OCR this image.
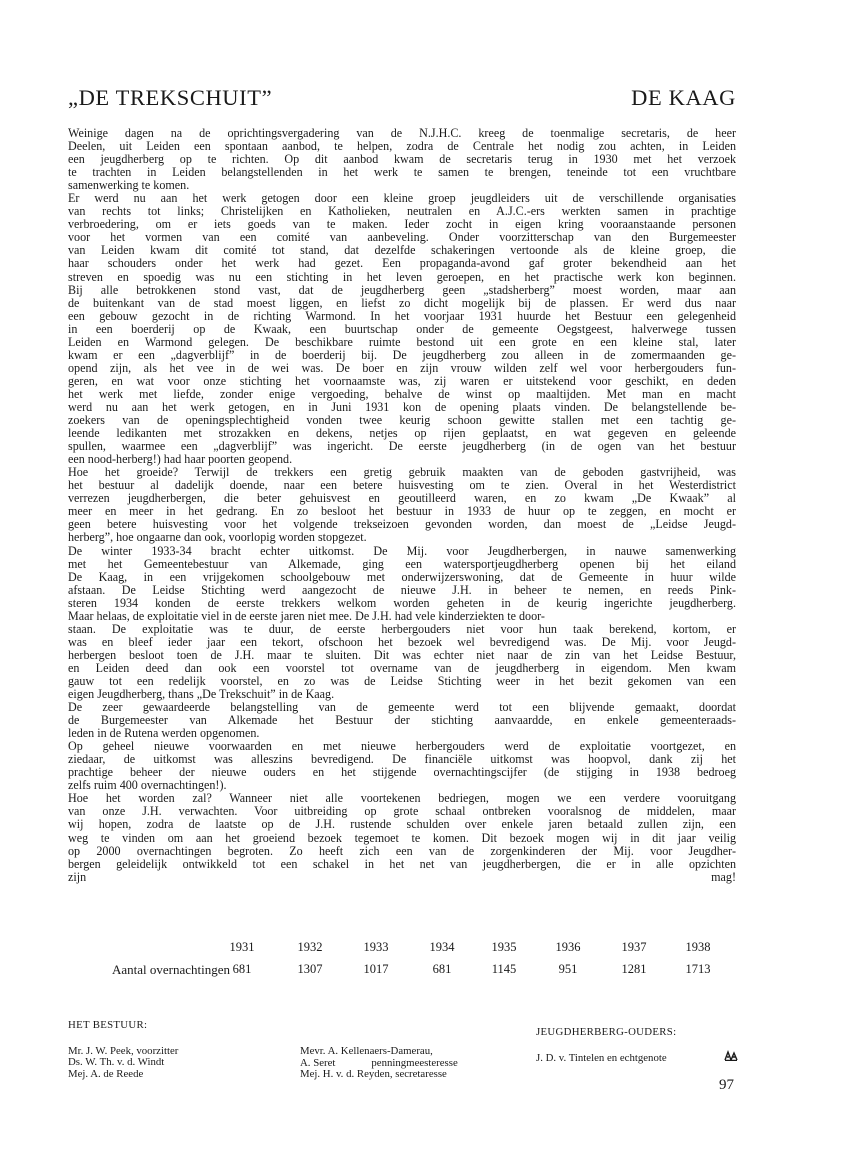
„DE TREKSCHUIT”	DE KAAG
Weinige dagen na de oprichtingsvergadering van de N.J.H.C. kreeg de toenmalige secretaris, de heer
Deelen, uit Leiden een spontaan aanbod, te helpen, zodra de Centrale het nodig zou achten, in Leiden
een jeugdherberg op te richten. Op dit aanbod kwam de secretaris terug in 1930 met het verzoek
te trachten in Leiden belangstellenden in het werk te samen te brengen, teneinde tot een vruchtbare
samenwerking te komen.
Er werd nu aan het werk getogen door een kleine groep jeugdleiders uit de verschillende organisaties
van rechts tot links; Christelijken en Katholieken, neutralen en A.J.C.-ers werkten samen in prachtige
verbroedering, om er iets goeds van te maken. Ieder zocht in eigen kring vooraanstaande personen
voor het vormen van een comité van aanbeveling. Onder voorzitterschap van den Burgemeester
van Leiden kwam dit comité tot stand, dat dezelfde schakeringen vertoonde als de kleine groep, die
haar schouders onder het werk had gezet. Een propaganda-avond gaf groter bekendheid aan het
streven en spoedig was nu een stichting in het leven geroepen, en het practische werk kon beginnen.
Bij alle betrokkenen stond vast, dat de jeugdherberg geen „stadsherberg” moest worden, maar aan
de buitenkant van de stad moest liggen, en liefst zo dicht mogelijk bij de plassen. Er werd dus naar
een gebouw gezocht in de richting Warmond. In het voorjaar 1931 huurde het Bestuur een gelegenheid
in een boerderij op de Kwaak, een buurtschap onder de gemeente Oegstgeest, halverwege tussen
Leiden en Warmond gelegen. De beschikbare ruimte bestond uit een grote en een kleine stal, later
kwam er een „dagverblijf” in de boerderij bij. De jeugdherberg zou alleen in de zomermaanden ge-
opend zijn, als het vee in de wei was. De boer en zijn vrouw wilden zelf wel voor herbergouders fun-
geren, en wat voor onze stichting het voornaamste was, zij waren er uitstekend voor geschikt, en deden
het werk met liefde, zonder enige vergoeding, behalve de winst op maaltijden. Met man en macht
werd nu aan het werk getogen, en in Juni 1931 kon de opening plaats vinden. De belangstellende be-
zoekers van de openingsplechtigheid vonden twee keurig schoon gewitte stallen met een tachtig ge-
leende ledikanten met strozakken en dekens, netjes op rijen geplaatst, en wat gegeven en geleende
spullen, waarmee een „dagverblijf” was ingericht. De eerste jeugdherberg (in de ogen van het bestuur
een nood-herberg!) had haar poorten geopend.
Hoe het groeide? Terwijl de trekkers een gretig gebruik maakten van de geboden gastvrijheid, was
het bestuur al dadelijk doende, naar een betere huisvesting om te zien. Overal in het Westerdistrict
verrezen jeugdherbergen, die beter gehuisvest en geoutilleerd waren, en zo kwam „De Kwaak” al
meer en meer in het gedrang. En zo besloot het bestuur in 1933 de huur op te zeggen, en mocht er
geen betere huisvesting voor het volgende trekseizoen gevonden worden, dan moest de „Leidse Jeugd-
herberg”, hoe ongaarne dan ook, voorlopig worden stopgezet.
De winter 1933-34 bracht echter uitkomst. De Mij. voor Jeugdherbergen, in nauwe samenwerking
met het Gemeentebestuur van Alkemade, ging een watersportjeugdherberg openen bij het eiland
De Kaag, in een vrijgekomen schoolgebouw met onderwijzerswoning, dat de Gemeente in huur wilde
afstaan. De Leidse Stichting werd aangezocht de nieuwe J.H. in beheer te nemen, en reeds Pink-
steren 1934 konden de eerste trekkers welkom worden geheten in de keurig ingerichte jeugdherberg.
Maar helaas, de exploitatie viel in de eerste jaren niet mee. De J.H. had vele kinderziekten te door-
staan. De exploitatie was te duur, de eerste herbergouders niet voor hun taak berekend, kortom, er
was en bleef ieder jaar een tekort, ofschoon het bezoek wel bevredigend was. De Mij. voor Jeugd-
herbergen besloot toen de J.H. maar te sluiten. Dit was echter niet naar de zin van het Leidse Bestuur,
en Leiden deed dan ook een voorstel tot overname van de jeugdherberg in eigendom. Men kwam
gauw tot een redelijk voorstel, en zo was de Leidse Stichting weer in het bezit gekomen van een
eigen Jeugdherberg, thans „De Trekschuit” in de Kaag.
De zeer gewaardeerde belangstelling van de gemeente werd tot een blijvende gemaakt, doordat
de Burgemeester van Alkemade het Bestuur der stichting aanvaardde, en enkele gemeenteraads-
leden in de Rutena werden opgenomen.
Op geheel nieuwe voorwaarden en met nieuwe herbergouders werd de exploitatie voortgezet, en
ziedaar, de uitkomst was alleszins bevredigend. De financiële uitkomst was hoopvol, dank zij het
prachtige beheer der nieuwe ouders en het stijgende overnachtingscijfer (de stijging in 1938 bedroeg
zelfs ruim 400 overnachtingen!).
Hoe het worden zal? Wanneer niet alle voortekenen bedriegen, mogen we een verdere vooruitgang
van onze J.H. verwachten. Voor uitbreiding op grote schaal ontbreken vooralsnog de middelen, maar
wij hopen, zodra de laatste op de J.H. rustende schulden over enkele jaren betaald zullen zijn, een
weg te vinden om aan het groeiend bezoek tegemoet te komen. Dit bezoek mogen wij in dit jaar veilig
op 2000 overnachtingen begroten. Zo heeft zich een van de zorgenkinderen der Mij. voor Jeugdher-
bergen geleidelijk ontwikkeld tot een schakel in het net van jeugdherbergen, die er in alle opzichten
zijn mag!
1931	1932	1933	1934	1935	1936	1937	1938
Aantal overnachtingen 681	1307	1017	681	1145	951	1281	1713
HET BESTUUR:
Mr. J. W. Peek, voorzitter
Ds. W. Th. v. d. Windt
Mej. A. de Reede
Mevr. A. Kellenaers-Damerau,
A. Seret	penningmeesteresse
Mej. H. v. d. Reyden, secretaresse
JEUGDHERBERG-OUDERS:
J. D. v. Tintelen en echtgenote
97
